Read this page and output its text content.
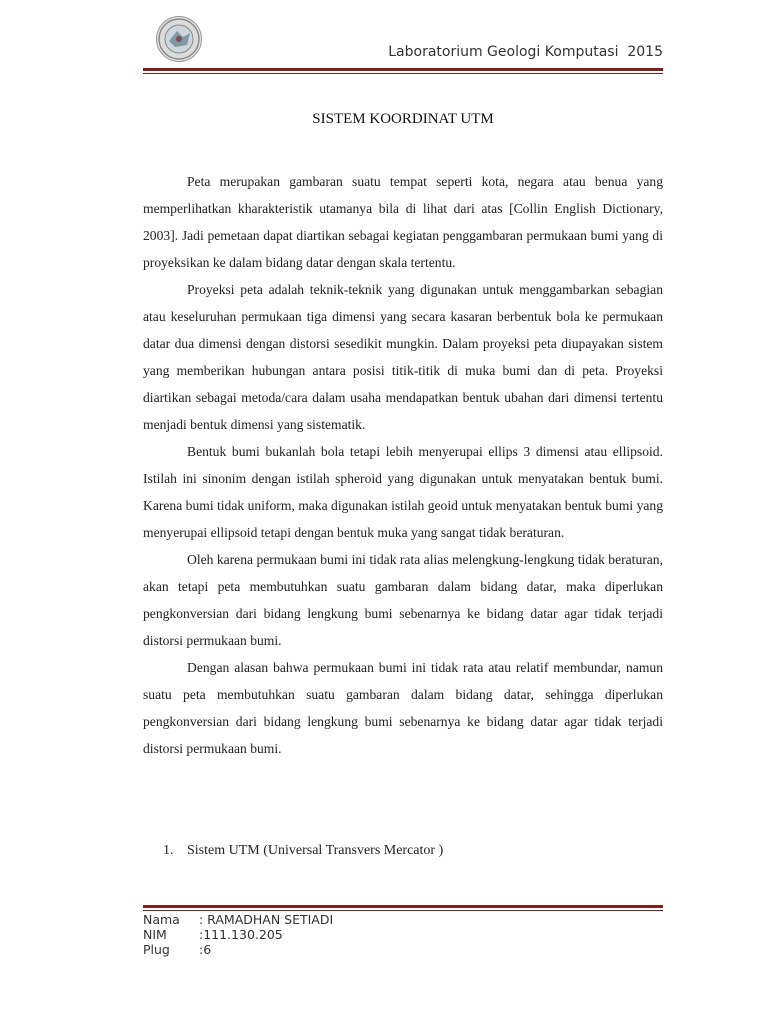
Laboratorium Geologi Komputasi  2015
SISTEM KOORDINAT UTM

Peta merupakan gambaran suatu tempat seperti kota, negara atau benua yang memperlihatkan kharakteristik utamanya bila di lihat dari atas [Collin English Dictionary, 2003]. Jadi pemetaan dapat diartikan sebagai kegiatan penggambaran permukaan bumi yang di proyeksikan ke dalam bidang datar dengan skala tertentu.

Proyeksi peta adalah teknik-teknik yang digunakan untuk menggambarkan sebagian atau keseluruhan permukaan tiga dimensi yang secara kasaran berbentuk bola ke permukaan datar dua dimensi dengan distorsi sesedikit mungkin. Dalam proyeksi peta diupayakan sistem yang memberikan hubungan antara posisi titik-titik di muka bumi dan di peta. Proyeksi diartikan sebagai metoda/cara dalam usaha mendapatkan bentuk ubahan dari dimensi tertentu menjadi bentuk dimensi yang sistematik.

Bentuk bumi bukanlah bola tetapi lebih menyerupai ellips 3 dimensi atau ellipsoid. Istilah ini sinonim dengan istilah spheroid yang digunakan untuk menyatakan bentuk bumi. Karena bumi tidak uniform, maka digunakan istilah geoid untuk menyatakan bentuk bumi yang menyerupai ellipsoid tetapi dengan bentuk muka yang sangat tidak beraturan.

Oleh karena permukaan bumi ini tidak rata alias melengkung-lengkung tidak beraturan, akan tetapi peta membutuhkan suatu gambaran dalam bidang datar, maka diperlukan pengkonversian dari bidang lengkung bumi sebenarnya ke bidang datar agar tidak terjadi distorsi permukaan bumi.

Dengan alasan bahwa permukaan bumi ini tidak rata atau relatif membundar, namun suatu peta membutuhkan suatu gambaran dalam bidang datar, sehingga diperlukan pengkonversian dari bidang lengkung bumi sebenarnya ke bidang datar agar tidak terjadi distorsi permukaan bumi.

1. Sistem UTM (Universal Transvers Mercator )
Nama : RAMADHAN SETIADI
NIM	:111.130.205
Plug :6
